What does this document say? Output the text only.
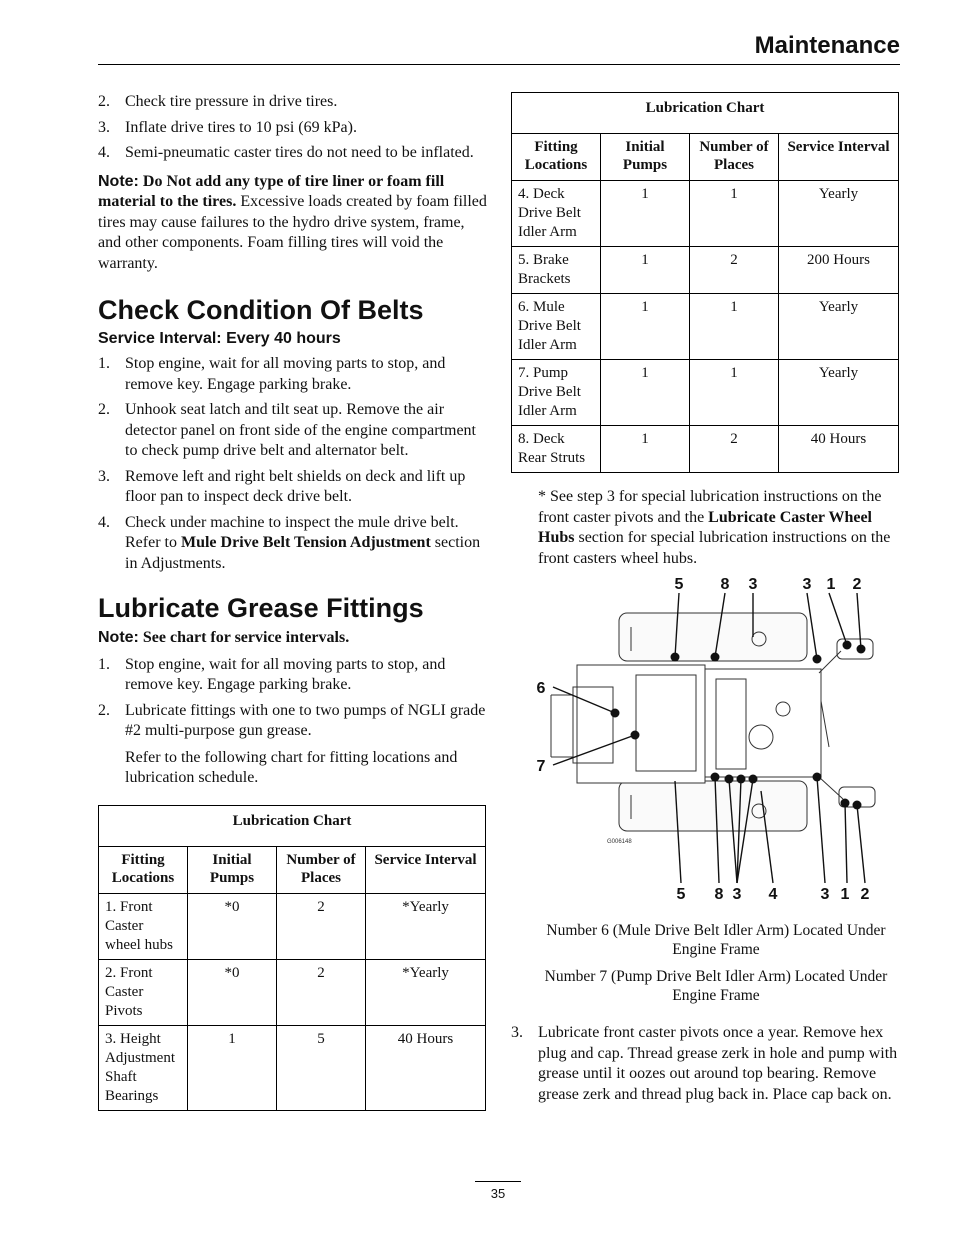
Maintenance
2. Check tire pressure in drive tires.
3. Inflate drive tires to 10 psi (69 kPa).
4. Semi-pneumatic caster tires do not need to be inflated.
Note: Do Not add any type of tire liner or foam fill material to the tires. Excessive loads created by foam filled tires may cause failures to the hydro drive system, frame, and other components. Foam filling tires will void the warranty.
Check Condition Of Belts
Service Interval: Every 40 hours
1. Stop engine, wait for all moving parts to stop, and remove key. Engage parking brake.
2. Unhook seat latch and tilt seat up. Remove the air detector panel on front side of the engine compartment to check pump drive belt and alternator belt.
3. Remove left and right belt shields on deck and lift up floor pan to inspect deck drive belt.
4. Check under machine to inspect the mule drive belt. Refer to Mule Drive Belt Tension Adjustment section in Adjustments.
Lubricate Grease Fittings
Note: See chart for service intervals.
1. Stop engine, wait for all moving parts to stop, and remove key. Engage parking brake.
2. Lubricate fittings with one to two pumps of NGLI grade #2 multi-purpose gun grease.
Refer to the following chart for fitting locations and lubrication schedule.
Lubrication Chart			
Fitting Locations	Initial Pumps	Number of Places	Service Interval
1. Front Caster wheel hubs	*0	2	*Yearly
2. Front Caster Pivots	*0	2	*Yearly
3. Height Adjustment Shaft Bearings	1	5	40 Hours
Lubrication Chart			
Fitting Locations	Initial Pumps	Number of Places	Service Interval
4. Deck Drive Belt Idler Arm	1	1	Yearly
5. Brake Brackets	1	2	200 Hours
6. Mule Drive Belt Idler Arm	1	1	Yearly
7. Pump Drive Belt Idler Arm	1	1	Yearly
8. Deck Rear Struts	1	2	40 Hours
* See step 3 for special lubrication instructions on the front caster pivots and the Lubricate Caster Wheel Hubs section for special lubrication instructions on the front casters wheel hubs.
5 8 3	3 1 2
6
7
5 8 3 4	3 1 2
G006148
Number 6 (Mule Drive Belt Idler Arm) Located Under Engine Frame
Number 7 (Pump Drive Belt Idler Arm) Located Under Engine Frame
3. Lubricate front caster pivots once a year. Remove hex plug and cap. Thread grease zerk in hole and pump with grease until it oozes out around top bearing. Remove grease zerk and thread plug back in. Place cap back on.
35
